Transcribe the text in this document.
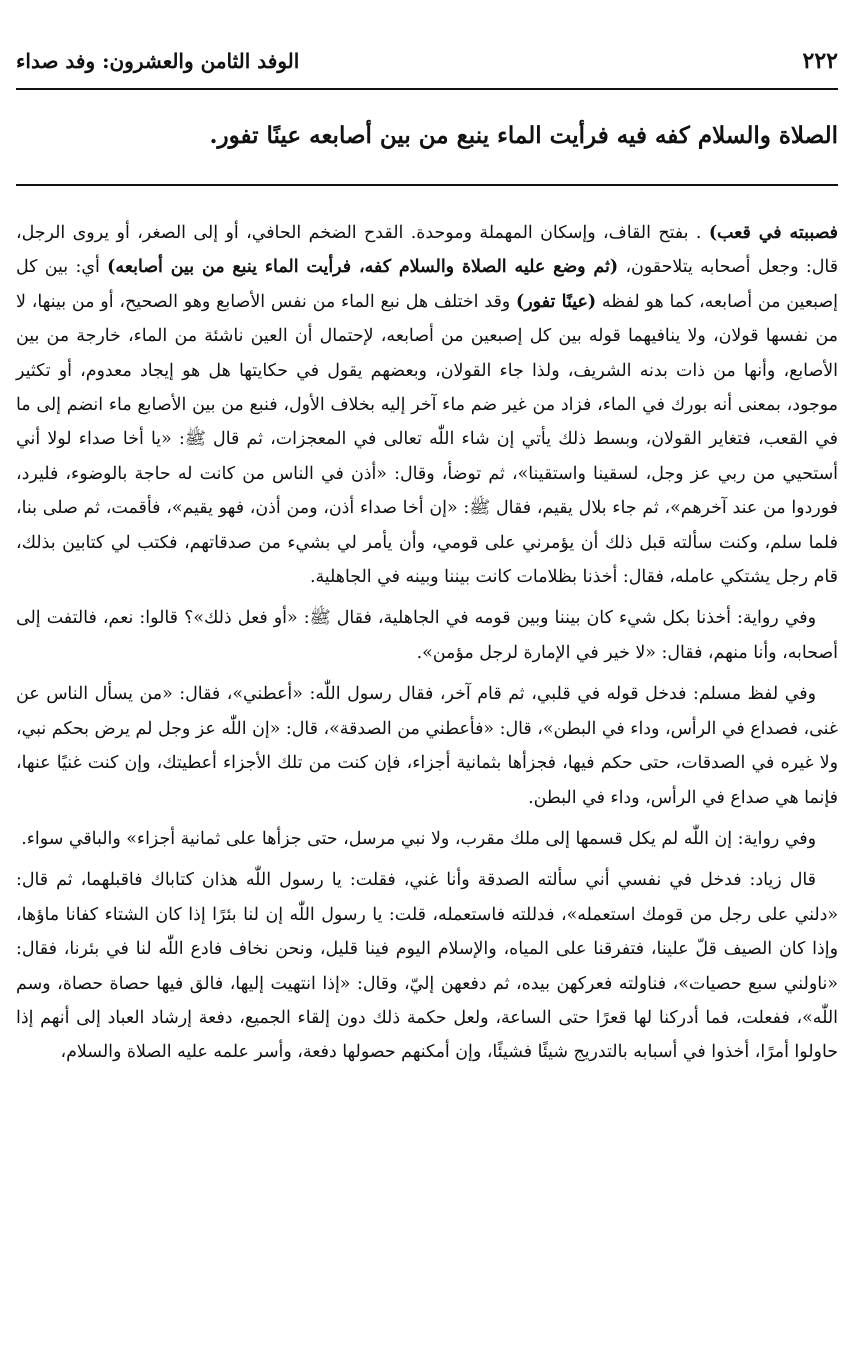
٢٢٢
الوفد الثامن والعشرون: وفد صداء
الصلاة والسلام كفه فيه فرأيت الماء ينبع من بين أصابعه عينًا تفور.

فصببته في قعب) . بفتح القاف، وإسكان المهملة وموحدة. القدح الضخم الحافي، أو إلى الصغر، أو يروى الرجل، قال: وجعل أصحابه يتلاحقون، (ثم وضع عليه الصلاة والسلام كفه، فرأيت الماء ينبع من بين أصابعه) أي: بين كل إصبعين من أصابعه، كما هو لفظه (عينًا تفور) وقد اختلف هل نبع الماء من نفس الأصابع وهو الصحيح، أو من بينها، لا من نفسها قولان، ولا ينافيهما قوله بين كل إصبعين من أصابعه، لإحتمال أن العين ناشئة من الماء، خارجة من بين الأصابع، وأنها من ذات بدنه الشريف، ولذا جاء القولان، وبعضهم يقول في حكايتها هل هو إيجاد معدوم، أو تكثير موجود، بمعنى أنه بورك في الماء، فزاد من غير ضم ماء آخر إليه بخلاف الأول، فنبع من بين الأصابع ماء انضم إلى ما في القعب، فتغاير القولان، وبسط ذلك يأتي إن شاء اللّٰه تعالى في المعجزات، ثم قال ﷺ: «يا أخا صداء لولا أني أستحيي من ربي عز وجل، لسقينا واستقينا»، ثم توضأ، وقال: «أذن في الناس من كانت له حاجة بالوضوء، فليرد، فوردوا من عند آخرهم»، ثم جاء بلال يقيم، فقال ﷺ: «إن أخا صداء أذن، ومن أذن، فهو يقيم»، فأقمت، ثم صلى بنا، فلما سلم، وكنت سألته قبل ذلك أن يؤمرني على قومي، وأن يأمر لي بشيء من صدقاتهم، فكتب لي كتابين بذلك، قام رجل يشتكي عامله، فقال: أخذنا بظلامات كانت بيننا وبينه في الجاهلية.

وفي رواية: أخذنا بكل شيء كان بيننا وبين قومه في الجاهلية، فقال ﷺ: «أو فعل ذلك»؟ قالوا: نعم، فالتفت إلى أصحابه، وأنا منهم، فقال: «لا خير في الإمارة لرجل مؤمن».

وفي لفظ مسلم: فدخل قوله في قلبي، ثم قام آخر، فقال رسول اللّٰه: «أعطني»، فقال: «من يسأل الناس عن غنى، فصداع في الرأس، وداء في البطن»، قال: «فأعطني من الصدقة»، قال: «إن اللّٰه عز وجل لم يرض بحكم نبي، ولا غيره في الصدقات، حتى حكم فيها، فجزأها بثمانية أجزاء، فإن كنت من تلك الأجزاء أعطيتك، وإن كنت غنيًا عنها، فإنما هي صداع في الرأس، وداء في البطن.

وفي رواية: إن اللّٰه لم يكل قسمها إلى ملك مقرب، ولا نبي مرسل، حتى جزأها على ثمانية أجزاء» والباقي سواء.

قال زياد: فدخل في نفسي أني سألته الصدقة وأنا غني، فقلت: يا رسول اللّٰه هذان كتاباك فاقبلهما، ثم قال: «دلني على رجل من قومك استعمله»، فدللته فاستعمله، قلت: يا رسول اللّٰه إن لنا بئرًا إذا كان الشتاء كفانا ماؤها، وإذا كان الصيف قلّ علينا، فتفرقنا على المياه، والإسلام اليوم فينا قليل، ونحن نخاف فادع اللّٰه لنا في بئرنا، فقال: «ناولني سبع حصيات»، فناولته فعركهن بيده، ثم دفعهن إليّ، وقال: «إذا انتهيت إليها، فالق فيها حصاة حصاة، وسم اللّٰه»، ففعلت، فما أدركنا لها قعرًا حتى الساعة، ولعل حكمة ذلك دون إلقاء الجميع، دفعة إرشاد العباد إلى أنهم إذا حاولوا أمرًا، أخذوا في أسبابه بالتدريج شيئًا فشيئًا، وإن أمكنهم حصولها دفعة، وأسر علمه عليه الصلاة والسلام،
